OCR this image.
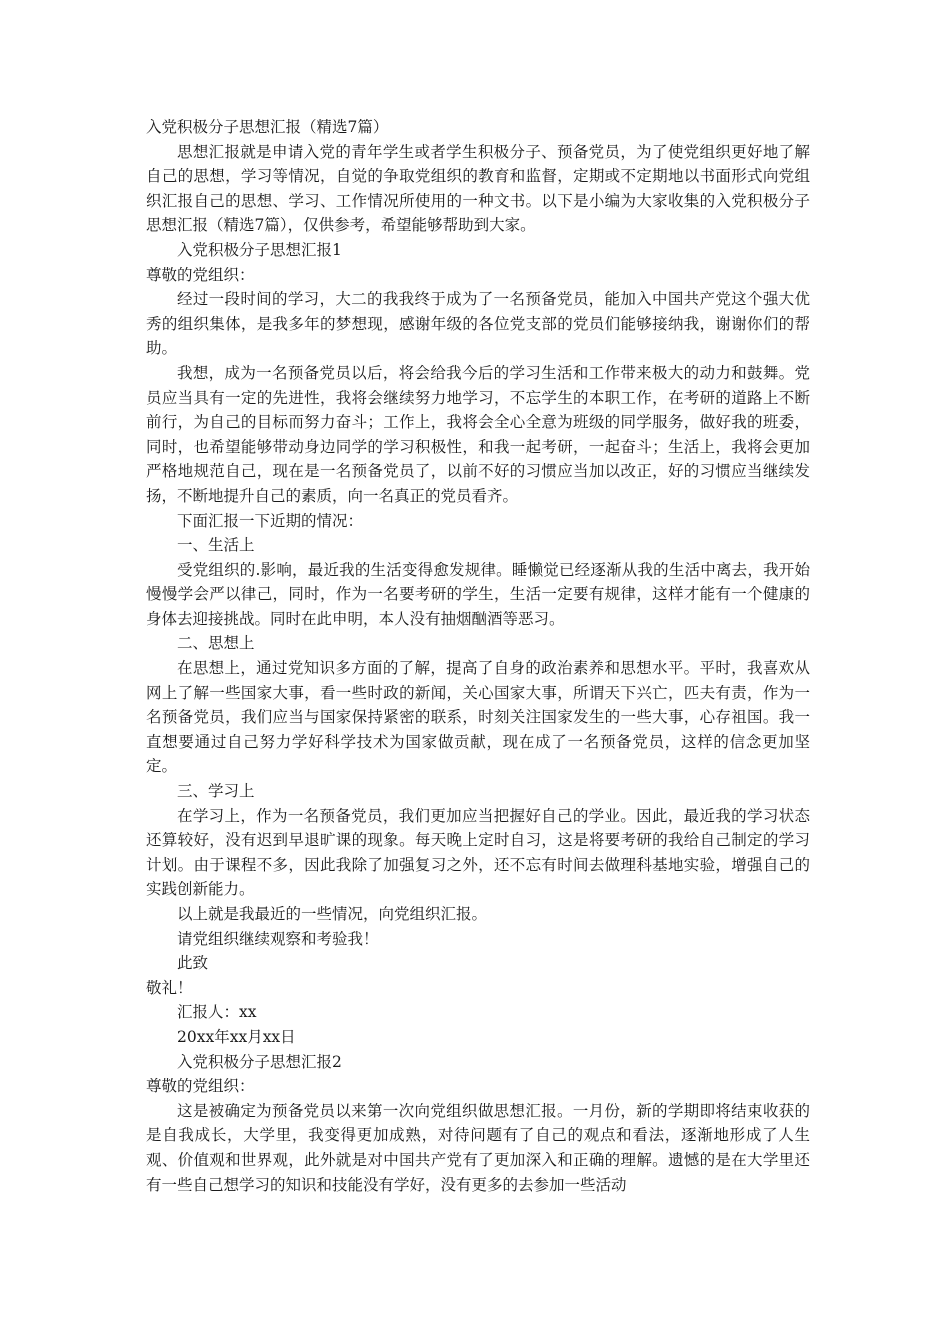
入党积极分子思想汇报（精选7篇）

思想汇报就是申请入党的青年学生或者学生积极分子、预备党员，为了使党组织更好地了解自己的思想，学习等情况，自觉的争取党组织的教育和监督，定期或不定期地以书面形式向党组织汇报自己的思想、学习、工作情况所使用的一种文书。以下是小编为大家收集的入党积极分子思想汇报（精选7篇），仅供参考，希望能够帮助到大家。

入党积极分子思想汇报1

尊敬的党组织：

经过一段时间的学习，大二的我我终于成为了一名预备党员，能加入中国共产党这个强大优秀的组织集体，是我多年的梦想现，感谢年级的各位党支部的党员们能够接纳我，谢谢你们的帮助。

我想，成为一名预备党员以后，将会给我今后的学习生活和工作带来极大的动力和鼓舞。党员应当具有一定的先进性，我将会继续努力地学习，不忘学生的本职工作，在考研的道路上不断前行，为自己的目标而努力奋斗；工作上，我将会全心全意为班级的同学服务，做好我的班委，同时，也希望能够带动身边同学的学习积极性，和我一起考研，一起奋斗；生活上，我将会更加严格地规范自己，现在是一名预备党员了，以前不好的习惯应当加以改正，好的习惯应当继续发扬，不断地提升自己的素质，向一名真正的党员看齐。

下面汇报一下近期的情况：

一、生活上

受党组织的.影响，最近我的生活变得愈发规律。睡懒觉已经逐渐从我的生活中离去，我开始慢慢学会严以律己，同时，作为一名要考研的学生，生活一定要有规律，这样才能有一个健康的身体去迎接挑战。同时在此申明，本人没有抽烟酗酒等恶习。

二、思想上

在思想上，通过党知识多方面的了解，提高了自身的政治素养和思想水平。平时，我喜欢从网上了解一些国家大事，看一些时政的新闻，关心国家大事，所谓天下兴亡，匹夫有责，作为一名预备党员，我们应当与国家保持紧密的联系，时刻关注国家发生的一些大事，心存祖国。我一直想要通过自己努力学好科学技术为国家做贡献，现在成了一名预备党员，这样的信念更加坚定。

三、学习上

在学习上，作为一名预备党员，我们更加应当把握好自己的学业。因此，最近我的学习状态还算较好，没有迟到早退旷课的现象。每天晚上定时自习，这是将要考研的我给自己制定的学习计划。由于课程不多，因此我除了加强复习之外，还不忘有时间去做理科基地实验，增强自己的实践创新能力。

以上就是我最近的一些情况，向党组织汇报。

请党组织继续观察和考验我！

此致

敬礼！

汇报人：xx

20xx年xx月xx日

入党积极分子思想汇报2

尊敬的党组织：

这是被确定为预备党员以来第一次向党组织做思想汇报。一月份，新的学期即将结束收获的是自我成长，大学里，我变得更加成熟，对待问题有了自己的观点和看法，逐渐地形成了人生观、价值观和世界观，此外就是对中国共产党有了更加深入和正确的理解。遗憾的是在大学里还有一些自己想学习的知识和技能没有学好，没有更多的去参加一些活动
